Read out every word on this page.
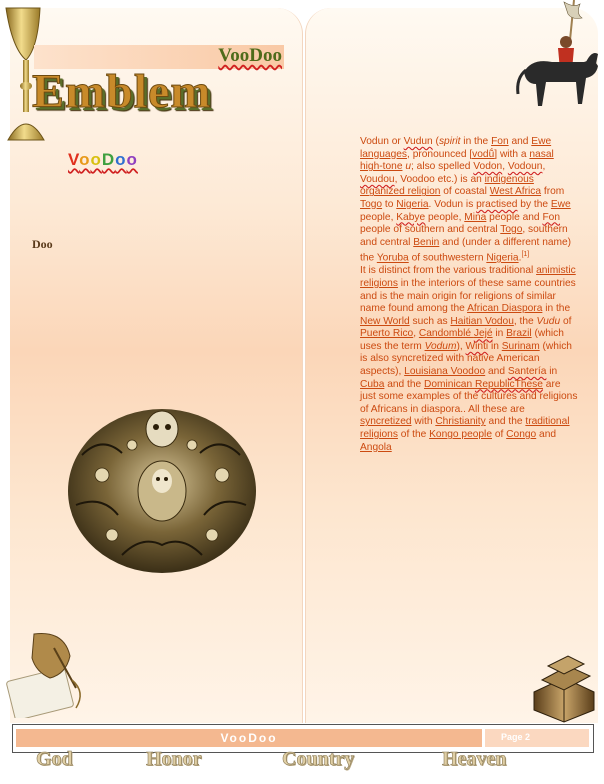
VooDoo
Emblem
VooDoo
Doo

Vodun or Vudun (spirit in the Fon and Ewe languages, pronounced [vodṹ] with a nasal high-tone u; also spelled Vodon, Vodoun, Voudou, Voodoo etc.) is an indigenous organized religion of coastal West Africa from Togo to Nigeria. Vodun is practised by the Ewe people, Kabye people, Mina people and Fon people of southern and central Togo, southern and central Benin and (under a different name) the Yoruba of southwestern Nigeria.[1]

It is distinct from the various traditional animistic religions in the interiors of these same countries and is the main origin for religions of similar name found among the African Diaspora in the New World such as Haitian Vodou, the Vudu of Puerto Rico, Candomblé Jejé in Brazil (which uses the term Vodum), Winti in Surinam (which is also syncretized with native American aspects), Louisiana Voodoo and Santería in Cuba and the Dominican RepublicThese are just some examples of the cultures and religions of Africans in diaspora.. All these are syncretized with Christianity and the traditional religions of the Kongo people of Congo and Angola

VooDoo	Page 2
God	Honor	Country	Heaven
